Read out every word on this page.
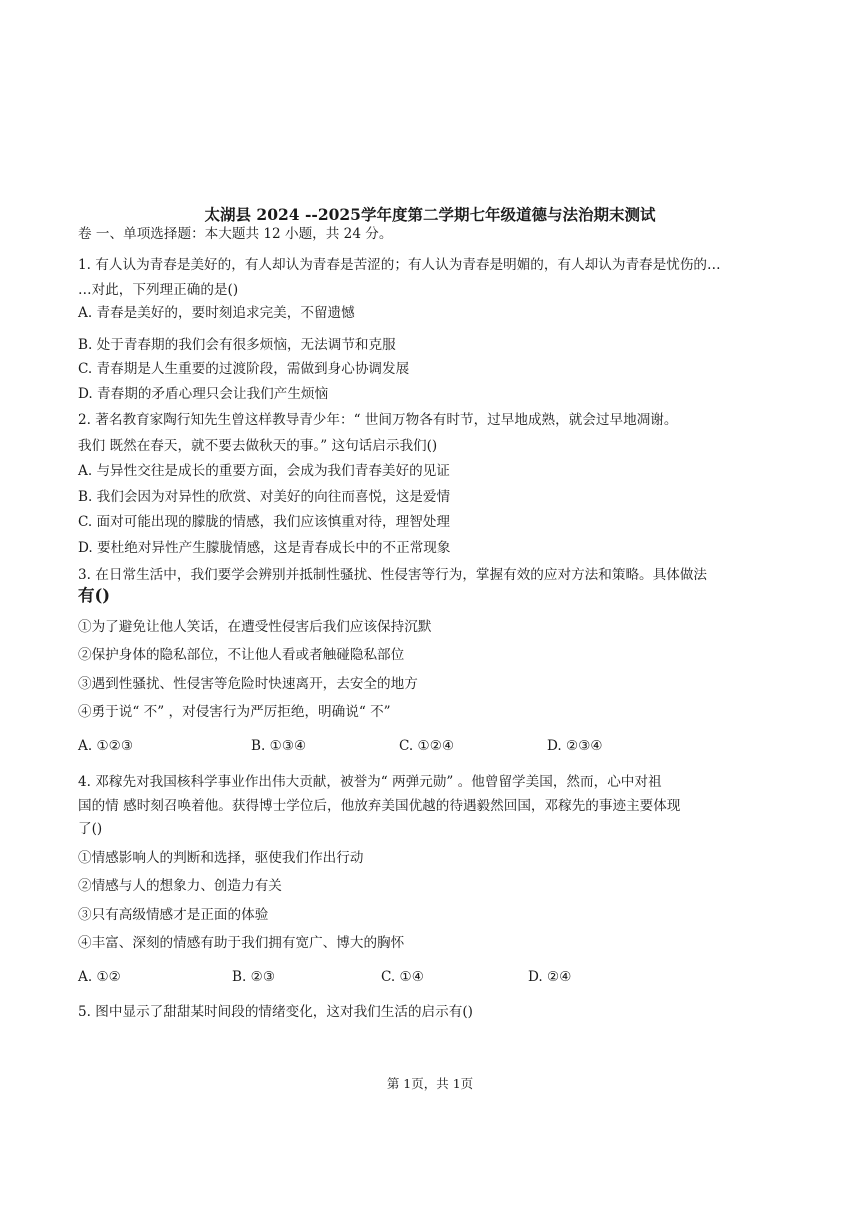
太湖县 2024 --2025学年度第二学期七年级道德与法治期末测试
卷 一、单项选择题：本大题共 12 小题，共 24 分。
1. 有人认为青春是美好的，有人却认为青春是苦涩的；有人认为青春是明媚的，有人却认为青春是忧伤的…
…对此，下列理正确的是()
A. 青春是美好的，要时刻追求完美，不留遗憾
B. 处于青春期的我们会有很多烦恼，无法调节和克服
C. 青春期是人生重要的过渡阶段，需做到身心协调发展
D. 青春期的矛盾心理只会让我们产生烦恼
2. 著名教育家陶行知先生曾这样教导青少年：“ 世间万物各有时节，过早地成熟，就会过早地凋谢。
我们 既然在春天，就不要去做秋天的事。” 这句话启示我们()
A. 与异性交往是成长的重要方面，会成为我们青春美好的见证
B. 我们会因为对异性的欣赏、对美好的向往而喜悦，这是爱情
C. 面对可能出现的朦胧的情感，我们应该慎重对待，理智处理
D. 要杜绝对异性产生朦胧情感，这是青春成长中的不正常现象
3. 在日常生活中，我们要学会辨别并抵制性骚扰、性侵害等行为，掌握有效的应对方法和策略。具体做法
有()
①为了避免让他人笑话，在遭受性侵害后我们应该保持沉默
②保护身体的隐私部位，不让他人看或者触碰隐私部位
③遇到性骚扰、性侵害等危险时快速离开，去安全的地方
④勇于说“ 不” ，对侵害行为严厉拒绝，明确说“ 不”
A. ①②③	B. ①③④	C. ①②④	D. ②③④
4. 邓稼先对我国核科学事业作出伟大贡献，被誉为“ 两弹元勋” 。他曾留学美国，然而，心中对祖
国的情 感时刻召唤着他。获得博士学位后，他放弃美国优越的待遇毅然回国，邓稼先的事迹主要体现
了()
①情感影响人的判断和选择，驱使我们作出行动
②情感与人的想象力、创造力有关
③只有高级情感才是正面的体验
④丰富、深刻的情感有助于我们拥有宽广、博大的胸怀
A. ①②	B. ②③	C. ①④	D. ②④
5. 图中显示了甜甜某时间段的情绪变化，这对我们生活的启示有()
第 1页，共 1页
